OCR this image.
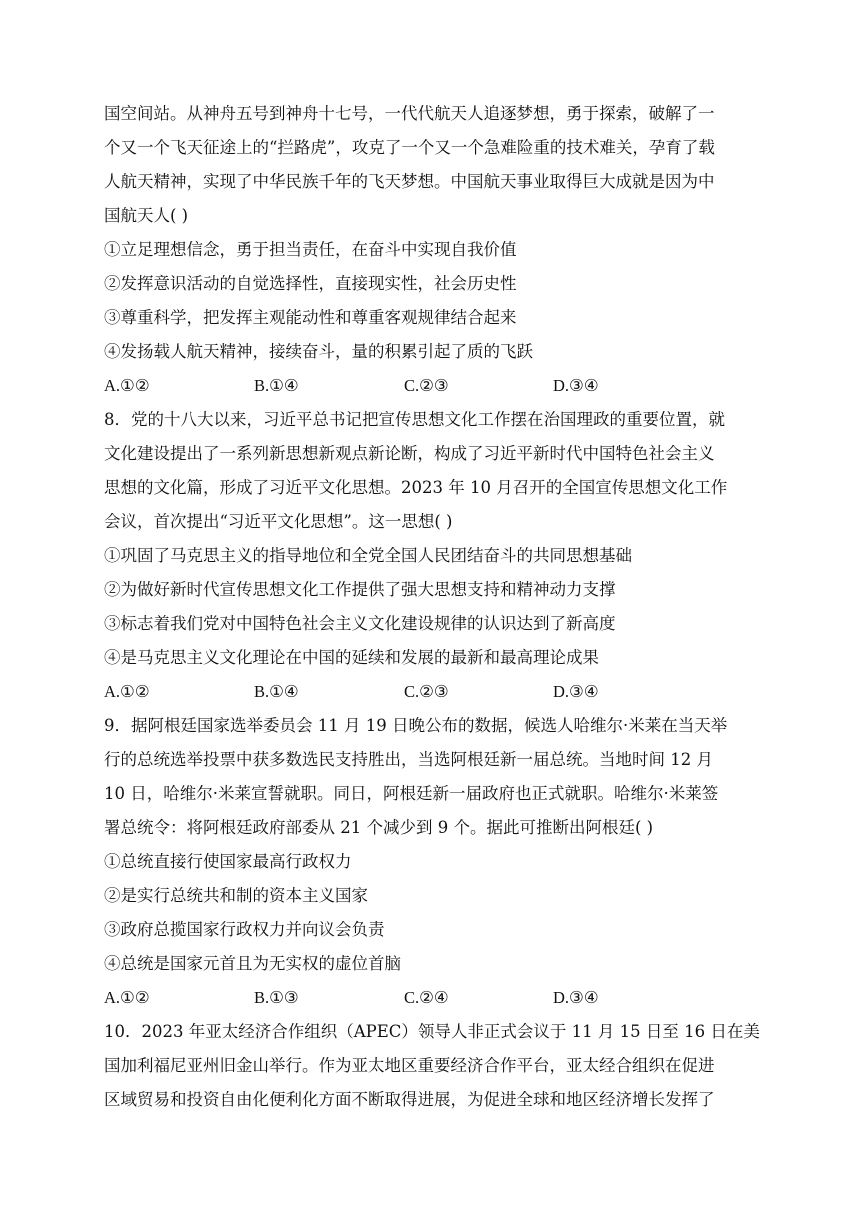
国空间站。从神舟五号到神舟十七号，一代代航天人追逐梦想，勇于探索，破解了一
个又一个飞天征途上的“拦路虎”，攻克了一个又一个急难险重的技术难关，孕育了载
人航天精神，实现了中华民族千年的飞天梦想。中国航天事业取得巨大成就是因为中
国航天人( )
①立足理想信念，勇于担当责任，在奋斗中实现自我价值
②发挥意识活动的自觉选择性，直接现实性，社会历史性
③尊重科学，把发挥主观能动性和尊重客观规律结合起来
④发扬载人航天精神，接续奋斗，量的积累引起了质的飞跃
A.①②	B.①④	C.②③	D.③④
8．党的十八大以来，习近平总书记把宣传思想文化工作摆在治国理政的重要位置，就
文化建设提出了一系列新思想新观点新论断，构成了习近平新时代中国特色社会主义
思想的文化篇，形成了习近平文化思想。2023 年 10 月召开的全国宣传思想文化工作
会议，首次提出“习近平文化思想”。这一思想( )
①巩固了马克思主义的指导地位和全党全国人民团结奋斗的共同思想基础
②为做好新时代宣传思想文化工作提供了强大思想支持和精神动力支撑
③标志着我们党对中国特色社会主义文化建设规律的认识达到了新高度
④是马克思主义文化理论在中国的延续和发展的最新和最高理论成果
A.①②	B.①④	C.②③	D.③④
9．据阿根廷国家选举委员会 11 月 19 日晚公布的数据，候选人哈维尔·米莱在当天举
行的总统选举投票中获多数选民支持胜出，当选阿根廷新一届总统。当地时间 12 月
10 日，哈维尔·米莱宣誓就职。同日，阿根廷新一届政府也正式就职。哈维尔·米莱签
署总统令：将阿根廷政府部委从 21 个减少到 9 个。据此可推断出阿根廷( )
①总统直接行使国家最高行政权力
②是实行总统共和制的资本主义国家
③政府总揽国家行政权力并向议会负责
④总统是国家元首且为无实权的虚位首脑
A.①②	B.①③	C.②④	D.③④
10．2023 年亚太经济合作组织（APEC）领导人非正式会议于 11 月 15 日至 16 日在美
国加利福尼亚州旧金山举行。作为亚太地区重要经济合作平台，亚太经合组织在促进
区域贸易和投资自由化便利化方面不断取得进展，为促进全球和地区经济增长发挥了
